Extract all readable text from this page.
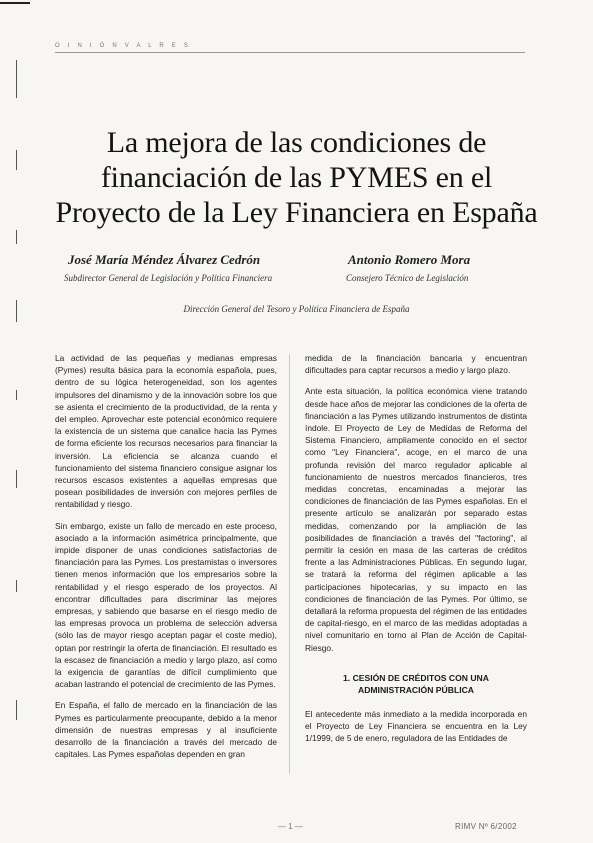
O I N I Ó N V A L R E S
La mejora de las condiciones de
financiación de las PYMES en el
Proyecto de la Ley Financiera en España
José María Méndez Álvarez Cedrón
Subdirector General de Legislación y Política Financiera
Antonio Romero Mora
Consejero Técnico de Legislación
Dirección General del Tesoro y Política Financiera de España

La actividad de las pequeñas y medianas empresas (Pymes) resulta básica para la economía española, pues, dentro de su lógica heterogeneidad, son los agentes impulsores del dinamismo y de la innovación sobre los que se asienta el crecimiento de la productividad, de la renta y del empleo. Aprovechar este potencial económico requiere la existencia de un sistema que canalice hacia las Pymes de forma eficiente los recursos necesarios para financiar la inversión. La eficiencia se alcanza cuando el funcionamiento del sistema financiero consigue asignar los recursos escasos existentes a aquellas empresas que posean posibilidades de inversión con mejores perfiles de rentabilidad y riesgo.

Sin embargo, existe un fallo de mercado en este proceso, asociado a la información asimétrica principalmente, que impide disponer de unas condiciones satisfactorias de financiación para las Pymes. Los prestamistas o inversores tienen menos información que los empresarios sobre la rentabilidad y el riesgo esperado de los proyectos. Al encontrar dificultades para discriminar las mejores empresas, y sabiendo que basarse en el riesgo medio de las empresas provoca un problema de selección adversa (sólo las de mayor riesgo aceptan pagar el coste medio), optan por restringir la oferta de financiación. El resultado es la escasez de financiación a medio y largo plazo, así como la exigencia de garantías de difícil cumplimiento que acaban lastrando el potencial de crecimiento de las Pymes.

En España, el fallo de mercado en la financiación de las Pymes es particularmente preocupante, debido a la menor dimensión de nuestras empresas y al insuficiente desarrollo de la financiación a través del mercado de capitales. Las Pymes españolas dependen en gran

medida de la financiación bancaria y encuentran dificultades para captar recursos a medio y largo plazo.

Ante esta situación, la política económica viene tratando desde hace años de mejorar las condiciones de la oferta de financiación a las Pymes utilizando instrumentos de distinta índole. El Proyecto de Ley de Medidas de Reforma del Sistema Financiero, ampliamente conocido en el sector como "Ley Financiera", acoge, en el marco de una profunda revisión del marco regulador aplicable al funcionamiento de nuestros mercados financieros, tres medidas concretas, encaminadas a mejorar las condiciones de financiación de las Pymes españolas. En el presente artículo se analizarán por separado estas medidas, comenzando por la ampliación de las posibilidades de financiación a través del "factoring", al permitir la cesión en masa de las carteras de créditos frente a las Administraciones Públicas. En segundo lugar, se tratará la reforma del régimen aplicable a las participaciones hipotecarias, y su impacto en las condiciones de financiación de las Pymes. Por último, se detallará la reforma propuesta del régimen de las entidades de capital-riesgo, en el marco de las medidas adoptadas a nivel comunitario en torno al Plan de Acción de Capital-Riesgo.

1. CESIÓN DE CRÉDITOS CON UNA
ADMINISTRACIÓN PÚBLICA

El antecedente más inmediato a la medida incorporada en el Proyecto de Ley Financiera se encuentra en la Ley 1/1999, de 5 de enero, reguladora de las Entidades de

— 1 —	RIMV Nº 6/2002
